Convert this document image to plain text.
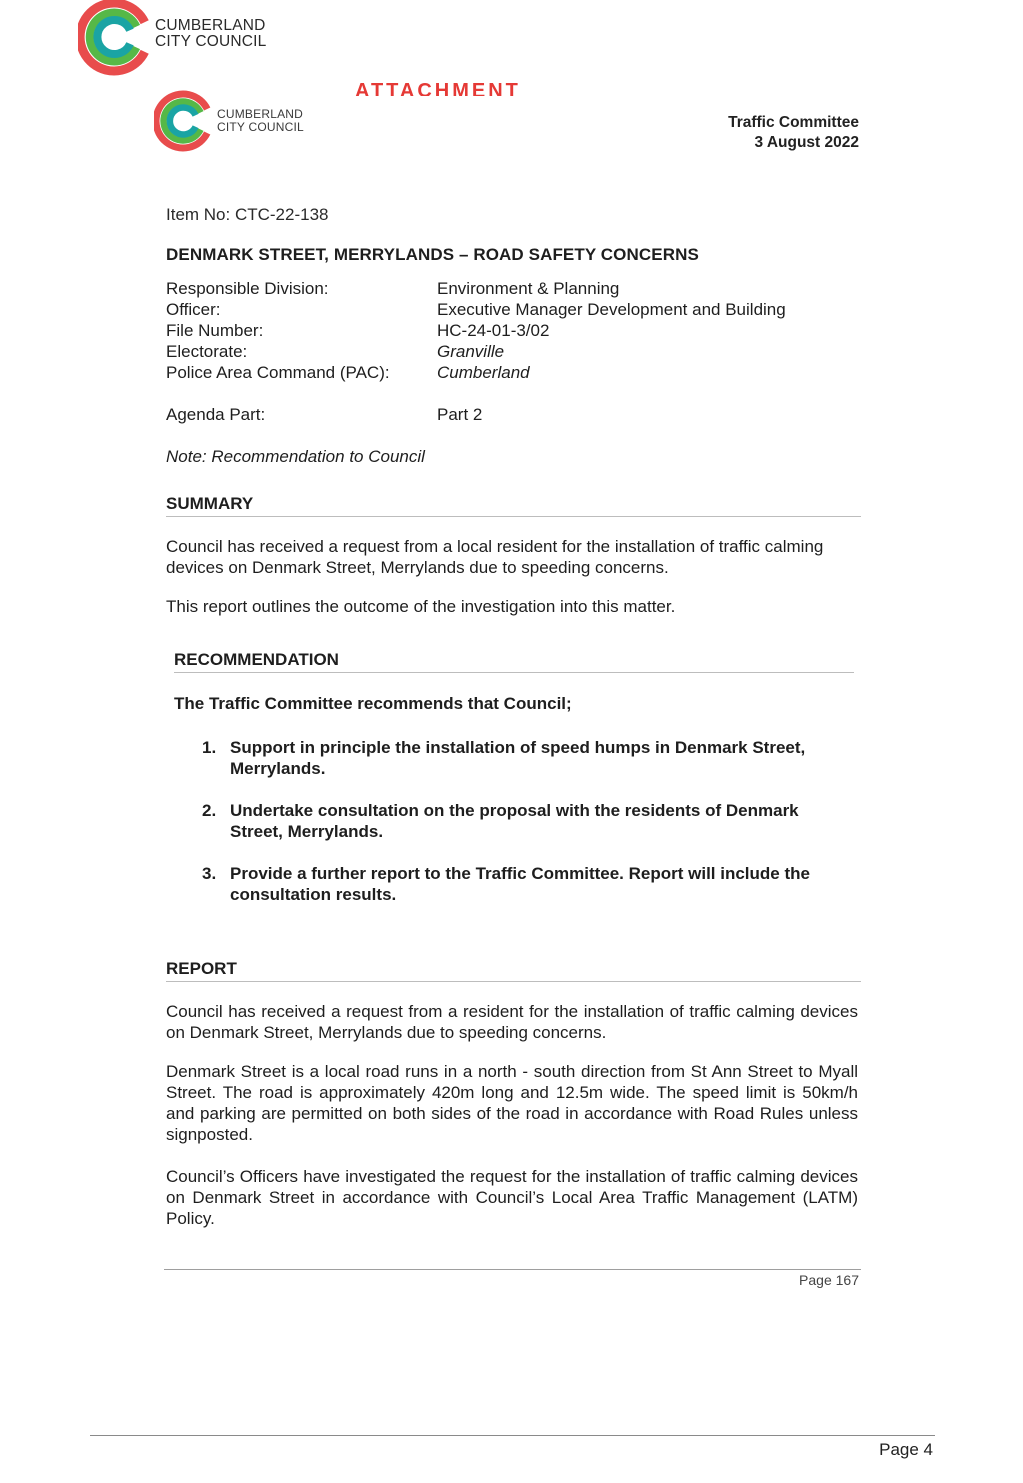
CUMBERLAND
CITY COUNCIL
CUMBERLAND
CITY COUNCIL
ATTACHMENT
Traffic Committee
3 August 2022
Item No: CTC-22-138
DENMARK STREET, MERRYLANDS – ROAD SAFETY CONCERNS
Responsible Division:	Environment & Planning
Officer:	Executive Manager Development and Building
File Number:	HC-24-01-3/02
Electorate:	Granville
Police Area Command (PAC):	Cumberland
Agenda Part:	Part 2
Note: Recommendation to Council
SUMMARY
Council has received a request from a local resident for the installation of traffic calming devices on Denmark Street, Merrylands due to speeding concerns.
This report outlines the outcome of the investigation into this matter.
RECOMMENDATION
The Traffic Committee recommends that Council;
1. Support in principle the installation of speed humps in Denmark Street, Merrylands.
2. Undertake consultation on the proposal with the residents of Denmark Street, Merrylands.
3. Provide a further report to the Traffic Committee. Report will include the consultation results.
REPORT
Council has received a request from a resident for the installation of traffic calming devices on Denmark Street, Merrylands due to speeding concerns.
Denmark Street is a local road runs in a north - south direction from St Ann Street to Myall Street. The road is approximately 420m long and 12.5m wide. The speed limit is 50km/h and parking are permitted on both sides of the road in accordance with Road Rules unless signposted.
Council’s Officers have investigated the request for the installation of traffic calming devices on Denmark Street in accordance with Council’s Local Area Traffic Management (LATM) Policy.
Page 167
Page 4
